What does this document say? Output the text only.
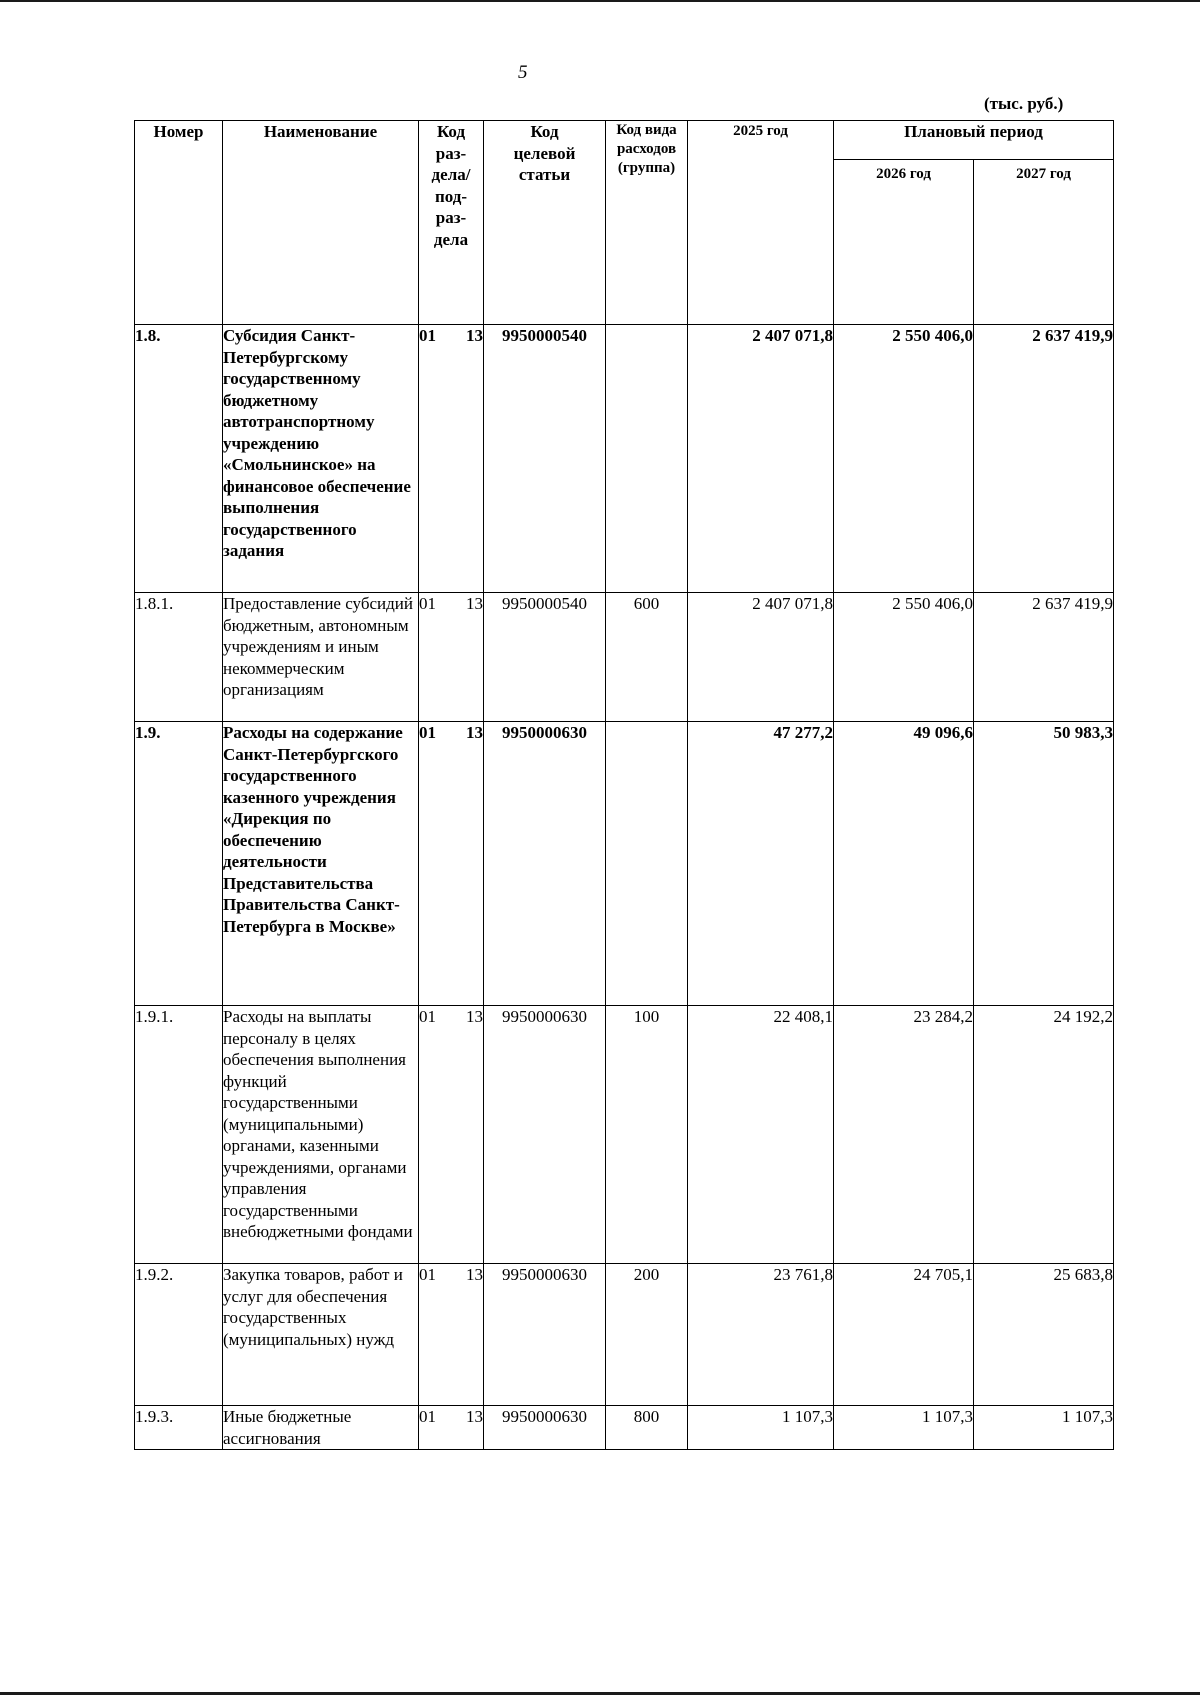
5
(тыс. руб.)
Номер	Наименование	Код раз- дела/ под- раз- дела	Код целевой статьи	Код вида расходов (группа)	2025 год	Плановый период	
						2026 год	2027 год
1.8.	Субсидия Санкт-Петербургскому государственному бюджетному автотранспортному учреждению «Смольнинское» на финансовое обеспечение выполнения государственного задания	01 13	9950000540		2 407 071,8	2 550 406,0	2 637 419,9
1.8.1.	Предоставление субсидий бюджетным, автономным учреждениям и иным некоммерческим организациям	01 13	9950000540	600	2 407 071,8	2 550 406,0	2 637 419,9
1.9.	Расходы на содержание Санкт-Петербургского государственного казенного учреждения «Дирекция по обеспечению деятельности Представительства Правительства Санкт-Петербурга в Москве»	01 13	9950000630		47 277,2	49 096,6	50 983,3
1.9.1.	Расходы на выплаты персоналу в целях обеспечения выполнения функций государственными (муниципальными) органами, казенными учреждениями, органами управления государственными внебюджетными фондами	01 13	9950000630	100	22 408,1	23 284,2	24 192,2
1.9.2.	Закупка товаров, работ и услуг для обеспечения государственных (муниципальных) нужд	01 13	9950000630	200	23 761,8	24 705,1	25 683,8
1.9.3.	Иные бюджетные ассигнования	01 13	9950000630	800	1 107,3	1 107,3	1 107,3
